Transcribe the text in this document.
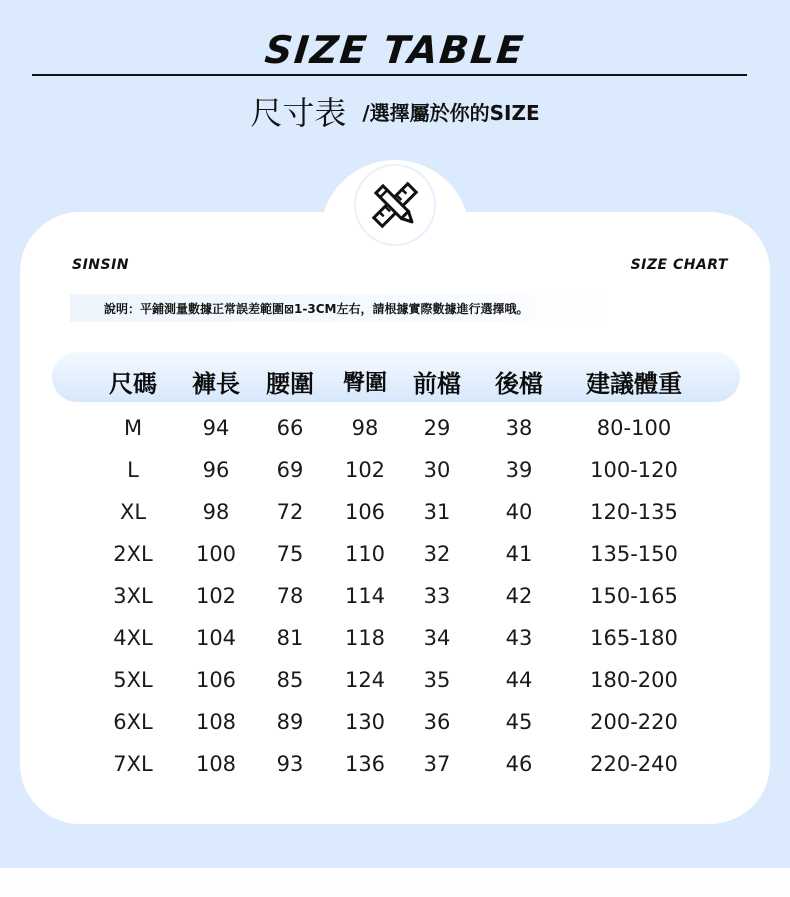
SIZE TABLE
尺寸表 /選擇屬於你的SIZE
SINSIN	SIZE CHART
說明：平鋪測量數據正常誤差範圍⊠1-3CM左右，請根據實際數據進行選擇哦。
尺碼 褲長 腰圍 臀圍 前檔 後檔 建議體重
M	94 66 98 29	38	80-100
L	96 69 102 30	39	100-120
XL	98 72 106 31	40	120-135
2XL 100 75 110 32	41	135-150
3XL 102 78 114 33	42	150-165
4XL 104 81 118 34	43	165-180
5XL 106 85 124 35	44	180-200
6XL 108 89 130 36	45	200-220
7XL 108 93 136 37	46	220-240
